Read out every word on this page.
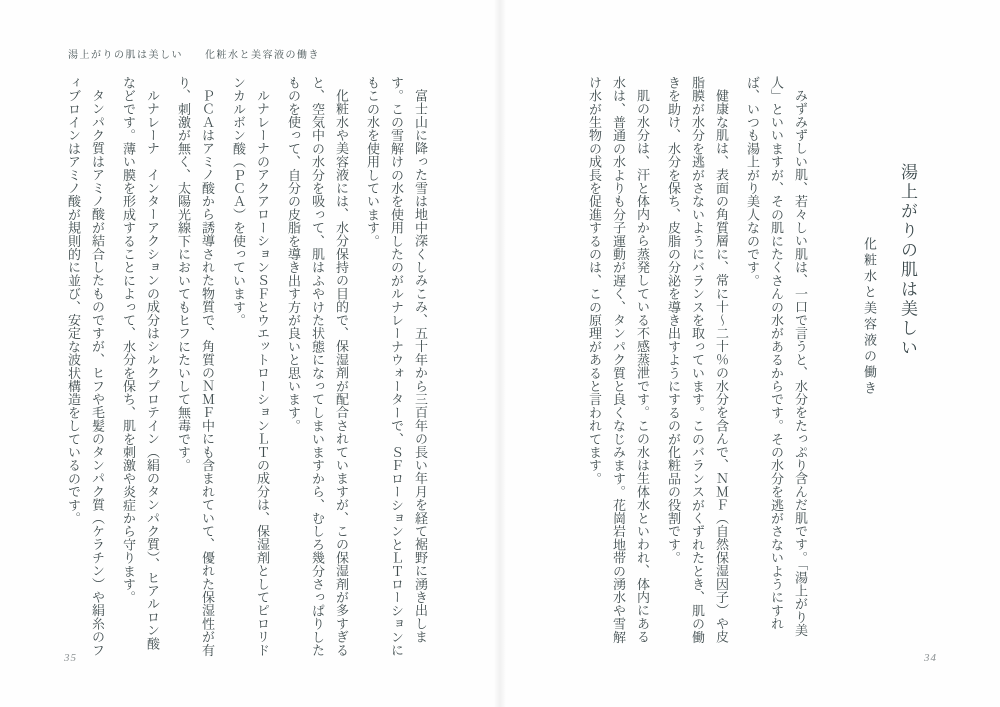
湯上がりの肌は美しい 化粧水と美容液の働き
湯上がりの肌は美しい
化粧水と美容液の働き

みずみずしい肌、若々しい肌は、一口で言うと、水分をたっぷり含んだ肌です。「湯上がり美人」といいますが、その肌にたくさんの水があるからです。その水分を逃がさないようにすれば、いつも湯上がり美人なのです。

健康な肌は、表面の角質層に、常に十〜二十％の水分を含んで、ＮＭＦ（自然保湿因子）や皮脂膜が水分を逃がさないようにバランスを取っています。このバランスがくずれたとき、肌の働きを助け、水分を保ち、皮脂の分泌を導き出すようにするのが化粧品の役割です。

肌の水分は、汗と体内から蒸発している不感蒸泄です。この水は生体水といわれ、体内にある水は、普通の水よりも分子運動が遅く、タンパク質と良くなじみます。花崗岩地帯の湧水や雪解け水が生物の成長を促進するのは、この原理があると言われてます。

34

富士山に降った雪は地中深くしみこみ、五十年から三百年の長い年月を経て裾野に湧き出します。この雪解けの水を使用したのがルナレーナウォーターで、ＳＦローションとＬＴローションにもこの水を使用しています。

化粧水や美容液には、水分保持の目的で、保湿剤が配合されていますが、この保湿剤が多すぎると、空気中の水分を吸って、肌はふやけた状態になってしまいますから、むしろ幾分さっぱりしたものを使って、自分の皮脂を導き出す方が良いと思います。

ルナレーナのアクアローションＳＦとウエットローションＬＴの成分は、保湿剤としてピロリドンカルボン酸（ＰＣＡ）を使っています。

ＰＣＡはアミノ酸から誘導された物質で、角質のＮＭＦ中にも含まれていて、優れた保湿性が有り、刺激が無く、太陽光線下においてもヒフにたいして無毒です。

ルナレーナ　インターアクションの成分はシルクプロテイン（絹のタンパク質）、ヒアルロン酸などです。薄い膜を形成することによって、水分を保ち、肌を刺激や炎症から守ります。

タンパク質はアミノ酸が結合したものですが、ヒフや毛髪のタンパク質（ケラチン）や絹糸のフィブロインはアミノ酸が規則的に並び、安定な波状構造をしているのです。

35
